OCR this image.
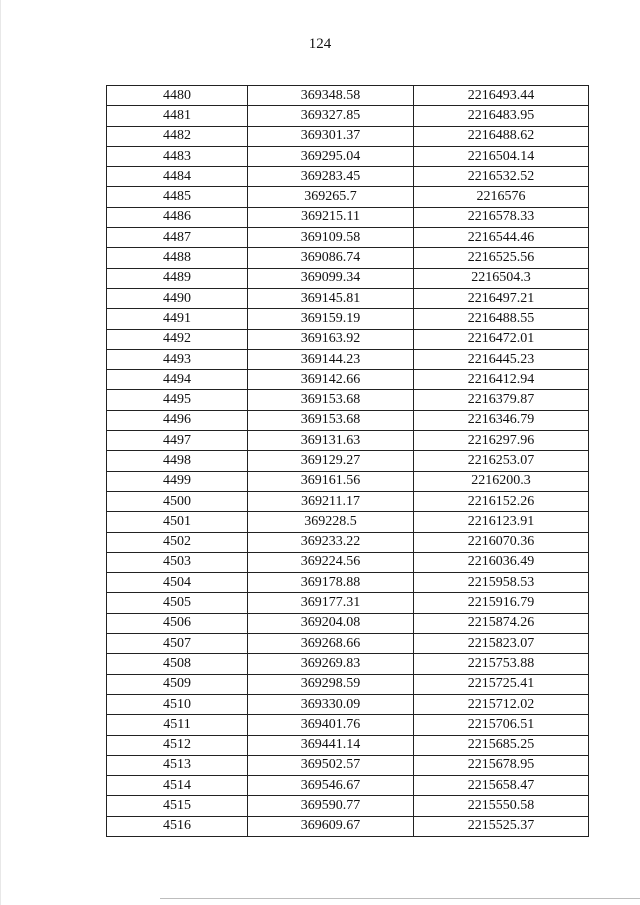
124
4480	369348.58	2216493.44
4481	369327.85	2216483.95
4482	369301.37	2216488.62
4483	369295.04	2216504.14
4484	369283.45	2216532.52
4485	369265.7	2216576
4486	369215.11	2216578.33
4487	369109.58	2216544.46
4488	369086.74	2216525.56
4489	369099.34	2216504.3
4490	369145.81	2216497.21
4491	369159.19	2216488.55
4492	369163.92	2216472.01
4493	369144.23	2216445.23
4494	369142.66	2216412.94
4495	369153.68	2216379.87
4496	369153.68	2216346.79
4497	369131.63	2216297.96
4498	369129.27	2216253.07
4499	369161.56	2216200.3
4500	369211.17	2216152.26
4501	369228.5	2216123.91
4502	369233.22	2216070.36
4503	369224.56	2216036.49
4504	369178.88	2215958.53
4505	369177.31	2215916.79
4506	369204.08	2215874.26
4507	369268.66	2215823.07
4508	369269.83	2215753.88
4509	369298.59	2215725.41
4510	369330.09	2215712.02
4511	369401.76	2215706.51
4512	369441.14	2215685.25
4513	369502.57	2215678.95
4514	369546.67	2215658.47
4515	369590.77	2215550.58
4516	369609.67	2215525.37
